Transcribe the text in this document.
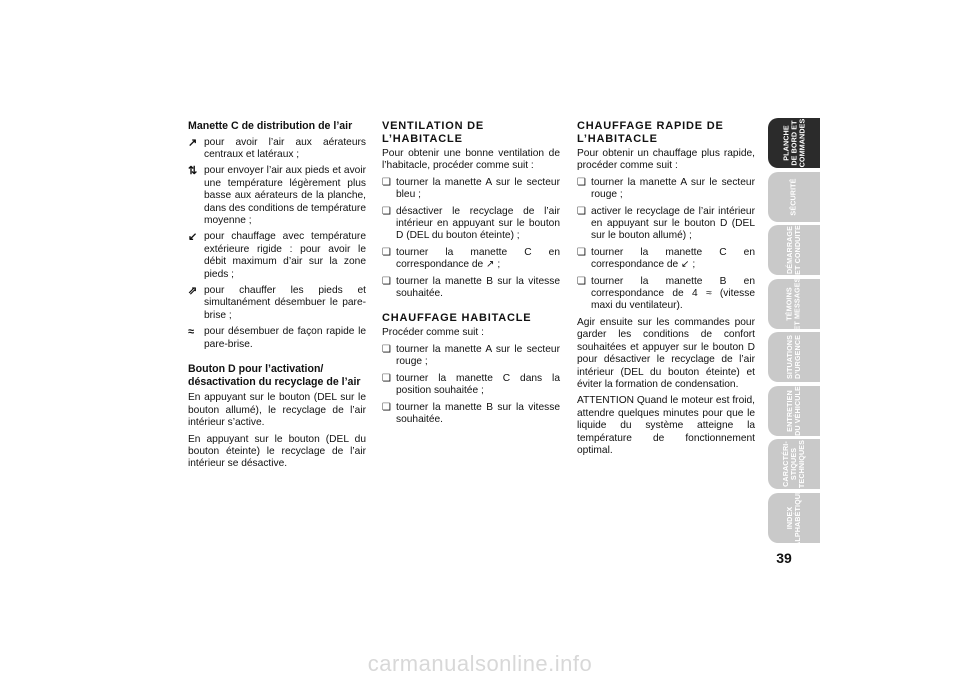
Manette C de distribution de l’air
↗ pour avoir l’air aux aérateurs centraux et latéraux ;
⇅ pour envoyer l’air aux pieds et avoir une température légèrement plus basse aux aérateurs de la planche, dans des conditions de température moyenne ;
↙ pour chauffage avec température extérieure rigide : pour avoir le débit maximum d’air sur la zone pieds ;
⇗ pour chauffer les pieds et simultanément désembuer le pare-brise ;
≈ pour désembuer de façon rapide le pare-brise.
Bouton D pour l’activation/ désactivation du recyclage de l’air

En appuyant sur le bouton (DEL sur le bouton allumé), le recyclage de l’air intérieur s’active.

En appuyant sur le bouton (DEL du bouton éteinte) le recyclage de l’air intérieur se désactive.

VENTILATION DE L’HABITACLE

Pour obtenir une bonne ventilation de l’habitacle, procéder comme suit :

❏ tourner la manette A sur le secteur bleu ;
❏ désactiver le recyclage de l’air intérieur en appuyant sur le bouton D (DEL du bouton éteinte) ;
❏ tourner la manette C en correspondance de ↗ ;
❏ tourner la manette B sur la vitesse souhaitée.
CHAUFFAGE HABITACLE

Procéder comme suit :

❏ tourner la manette A sur le secteur rouge ;
❏ tourner la manette C dans la position souhaitée ;
❏ tourner la manette B sur la vitesse souhaitée.
CHAUFFAGE RAPIDE DE L’HABITACLE

Pour obtenir un chauffage plus rapide, procéder comme suit :

❏ tourner la manette A sur le secteur rouge ;
❏ activer le recyclage de l’air intérieur en appuyant sur le bouton D (DEL sur le bouton allumé) ;
❏ tourner la manette C en correspondance de ↙ ;
❏ tourner la manette B en correspondance de 4 ≈ (vitesse maxi du ventilateur).

Agir ensuite sur les commandes pour garder les conditions de confort souhaitées et appuyer sur le bouton D pour désactiver le recyclage de l’air intérieur (DEL du bouton éteinte) et éviter la formation de condensation.

ATTENTION Quand le moteur est froid, attendre quelques minutes pour que le liquide du système atteigne la température de fonctionnement optimal.

PLANCHE
DE BORD ET
COMMANDES
SÉCURITÉ
DÉMARRAGE
ET CONDUITE
TÉMOINS
ET MESSAGES
SITUATIONS
D’URGENCE
ENTRETIEN
DU VÉHICULE
CARACTÉRI-
STIQUES
TECHNIQUES
INDEX
ALPHABÉTIQUE
39
carmanualsonline.info
